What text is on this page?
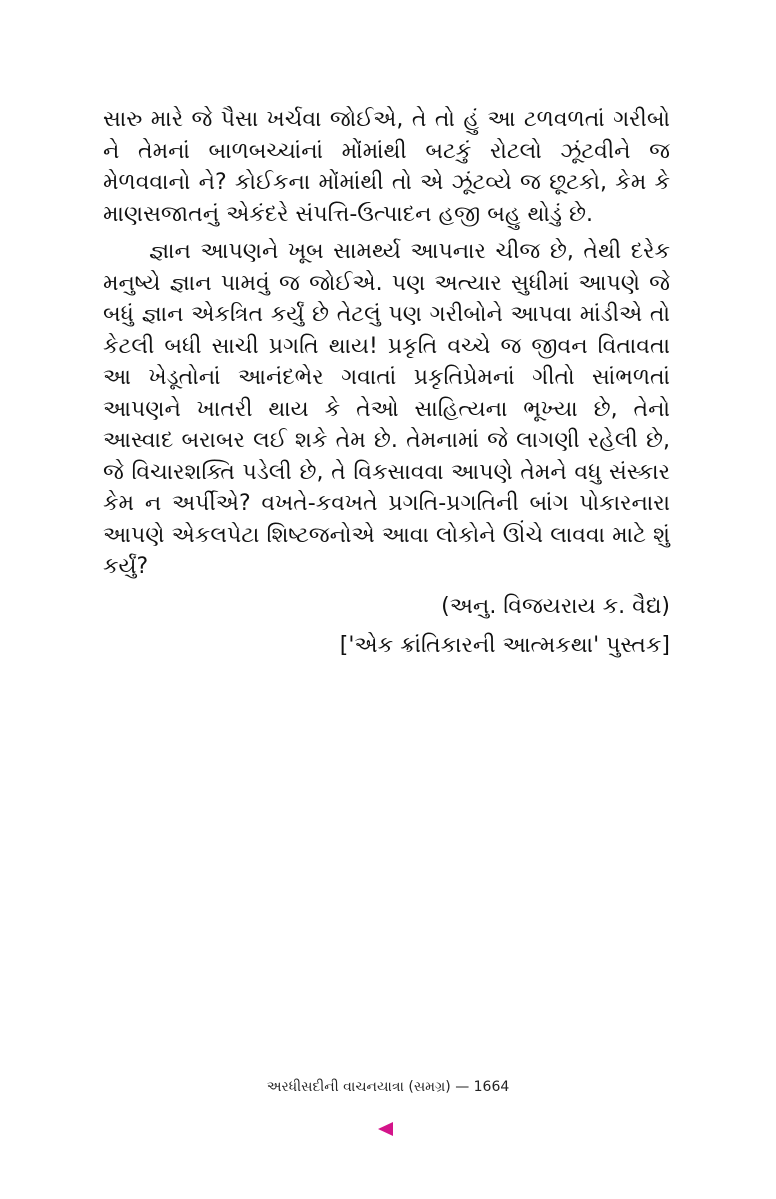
સારુ મારે જે પૈસા ખર્ચવા જોઈએ, તે તો હું આ ટળવળતાં ગરીબો ને તેમનાં બાળબચ્ચાંનાં મોંમાંથી બટકું રોટલો ઝૂંટવીને જ મેળવવાનો ને? કોઈકના મોંમાંથી તો એ ઝૂંટવ્યે જ છૂટકો, કેમ કે માણસજાતનું એકંદરે સંપત્તિ-ઉત્પાદન હજી બહુ થોડું છે.

જ્ઞાન આપણને ખૂબ સામર્થ્ય આપનાર ચીજ છે, તેથી દરેક મનુષ્યે જ્ઞાન પામવું જ જોઈએ. પણ અત્યાર સુધીમાં આપણે જે બધું જ્ઞાન એકત્રિત કર્યું છે તેટલું પણ ગરીબોને આપવા માંડીએ તો કેટલી બધી સાચી પ્રગતિ થાય! પ્રકૃતિ વચ્ચે જ જીવન વિતાવતા આ ખેડૂતોનાં આનંદભેર ગવાતાં પ્રકૃતિપ્રેમનાં ગીતો સાંભળતાં આપણને ખાતરી થાય કે તેઓ સાહિત્યના ભૂખ્યા છે, તેનો આસ્વાદ બરાબર લઈ શકે તેમ છે. તેમનામાં જે લાગણી રહેલી છે, જે વિચારશક્તિ પડેલી છે, તે વિકસાવવા આપણે તેમને વધુ સંસ્કાર કેમ ન અર્પીએ? વખતે-કવખતે પ્રગતિ-પ્રગતિની બાંગ પોકારનારા આપણે એકલપેટા શિષ્ટજનોએ આવા લોકોને ઊંચે લાવવા માટે શું કર્યું?

(અનુ. વિજયરાય ક. વૈદ્ય)
['એક ક્રાંતિકારની આત્મકથા' પુસ્તક]
અરધીસદીની વાચનયાત્રા (સમગ્ર) — 1664
